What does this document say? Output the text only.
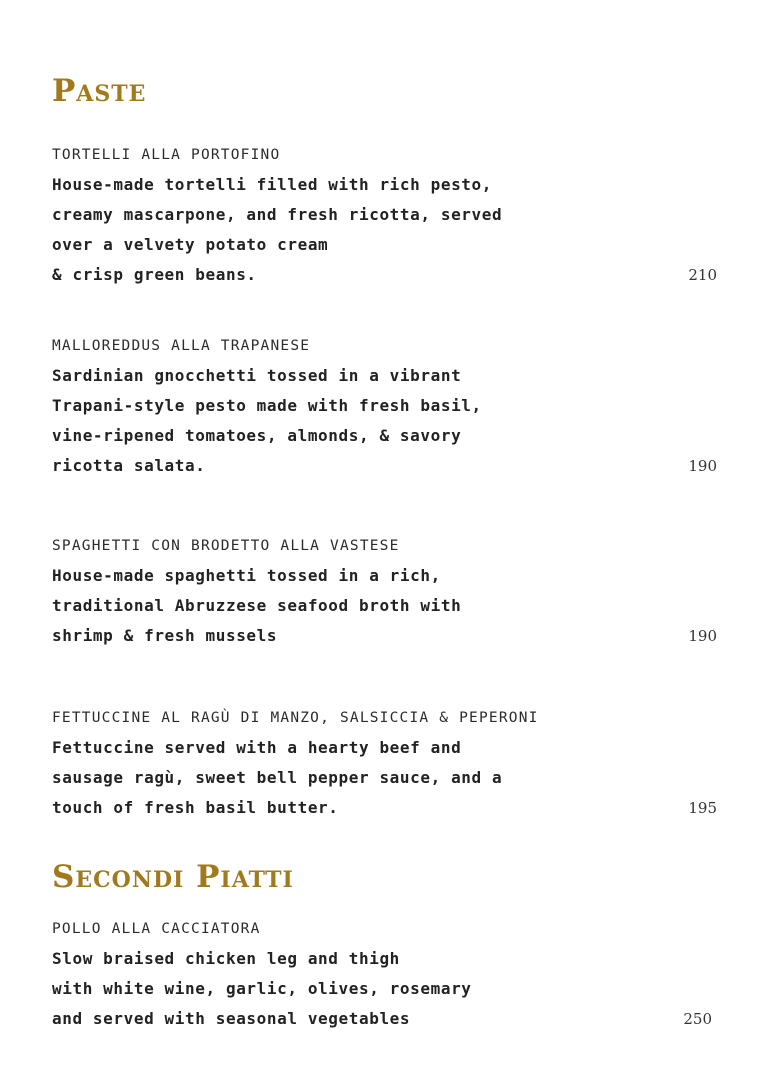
Paste
TORTELLI ALLA PORTOFINO
House-made tortelli filled with rich pesto,
creamy mascarpone, and fresh ricotta, served
over a velvety potato cream
& crisp green beans.	210
MALLOREDDUS ALLA TRAPANESE
Sardinian gnocchetti tossed in a vibrant
Trapani-style pesto made with fresh basil,
vine-ripened tomatoes, almonds, & savory
ricotta salata.	190
SPAGHETTI CON BRODETTO ALLA VASTESE
House-made spaghetti tossed in a rich,
traditional Abruzzese seafood broth with
shrimp & fresh mussels	190
FETTUCCINE AL RAGÙ DI MANZO, SALSICCIA & PEPERONI
Fettuccine served with a hearty beef and
sausage ragù, sweet bell pepper sauce, and a
touch of fresh basil butter.	195
Secondi Piatti
POLLO ALLA CACCIATORA
Slow braised chicken leg and thigh
with white wine, garlic, olives, rosemary
and served with seasonal vegetables	250
